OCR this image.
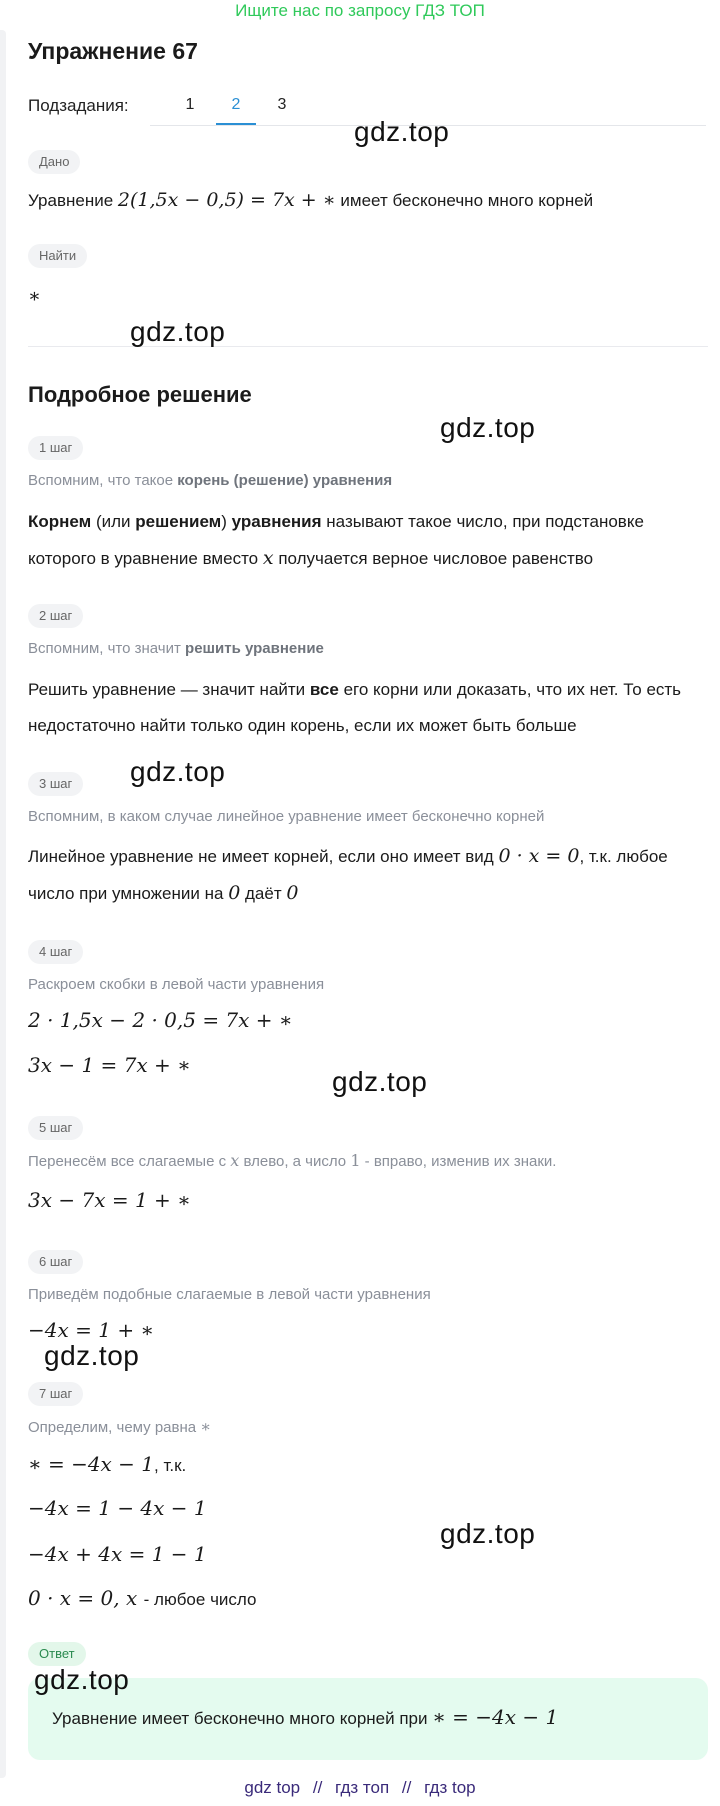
Ищите нас по запросу ГДЗ ТОП
Упражнение 67
Подзадания:	1	2	3
Дано
Уравнение 2(1,5x − 0,5) = 7x + ∗ имеет бесконечно много корней
Найти
∗
Подробное решение
1 шаг
Вспомним, что такое корень (решение) уравнения
Корнем (или решением) уравнения называют такое число, при подстановке которого в уравнение вместо x получается верное числовое равенство
2 шаг
Вспомним, что значит решить уравнение
Решить уравнение — значит найти все его корни или доказать, что их нет. То есть недостаточно найти только один корень, если их может быть больше
3 шаг
Вспомним, в каком случае линейное уравнение имеет бесконечно корней
Линейное уравнение не имеет корней, если оно имеет вид 0 · x = 0, т.к. любое число при умножении на 0 даёт 0
4 шаг
Раскроем скобки в левой части уравнения
2 · 1,5x − 2 · 0,5 = 7x + ∗
3x − 1 = 7x + ∗
5 шаг
Перенесём все слагаемые с x влево, а число 1 - вправо, изменив их знаки.
3x − 7x = 1 + ∗
6 шаг
Приведём подобные слагаемые в левой части уравнения
−4x = 1 + ∗
7 шаг
Определим, чему равна ∗
∗ = −4x − 1, т.к.
−4x = 1 − 4x − 1
−4x + 4x = 1 − 1
0 · x = 0, x - любое число
Ответ
Уравнение имеет бесконечно много корней при ∗ = −4x − 1
gdz.top
gdz.top
gdz.top
gdz.top
gdz.top
gdz.top
gdz.top
gdz.top
gdz top // гдз топ // гдз top
